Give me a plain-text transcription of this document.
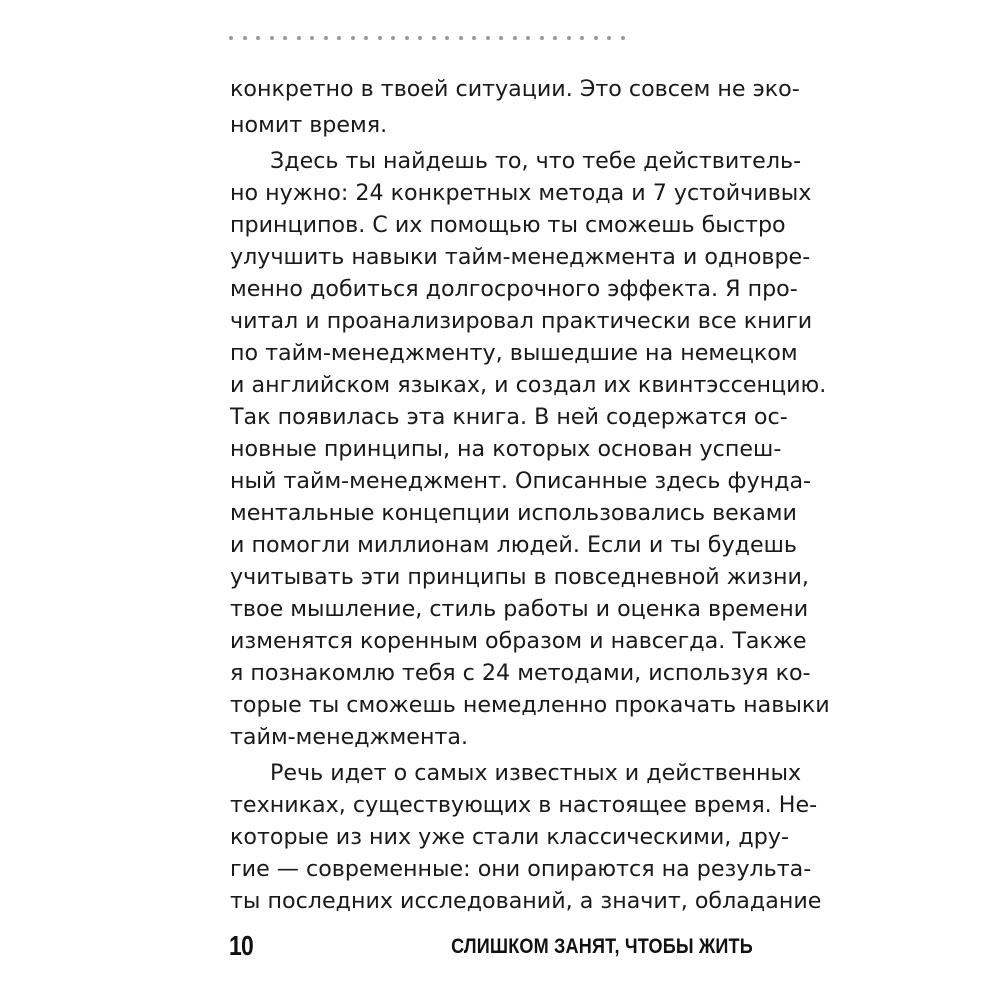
конкретно в твоей ситуации. Это совсем не эко-
номит время.
Здесь ты найдешь то, что тебе действитель-
но нужно: 24 конкретных метода и 7 устойчивых
принципов. С их помощью ты сможешь быстро
улучшить навыки тайм-менеджмента и одновре-
менно добиться долгосрочного эффекта. Я про-
читал и проанализировал практически все книги
по тайм-менеджменту, вышедшие на немецком
и английском языках, и создал их квинтэссенцию.
Так появилась эта книга. В ней содержатся ос-
новные принципы, на которых основан успеш-
ный тайм-менеджмент. Описанные здесь фунда-
ментальные концепции использовались веками
и помогли миллионам людей. Если и ты будешь
учитывать эти принципы в повседневной жизни,
твое мышление, стиль работы и оценка времени
изменятся коренным образом и навсегда. Также
я познакомлю тебя с 24 методами, используя ко-
торые ты сможешь немедленно прокачать навыки
тайм-менеджмента.
Речь идет о самых известных и действенных
техниках, существующих в настоящее время. Не-
которые из них уже стали классическими, дру-
гие — современные: они опираются на результа-
ты последних исследований, а значит, обладание
10	СЛИШКОМ ЗАНЯТ, ЧТОБЫ ЖИТЬ
